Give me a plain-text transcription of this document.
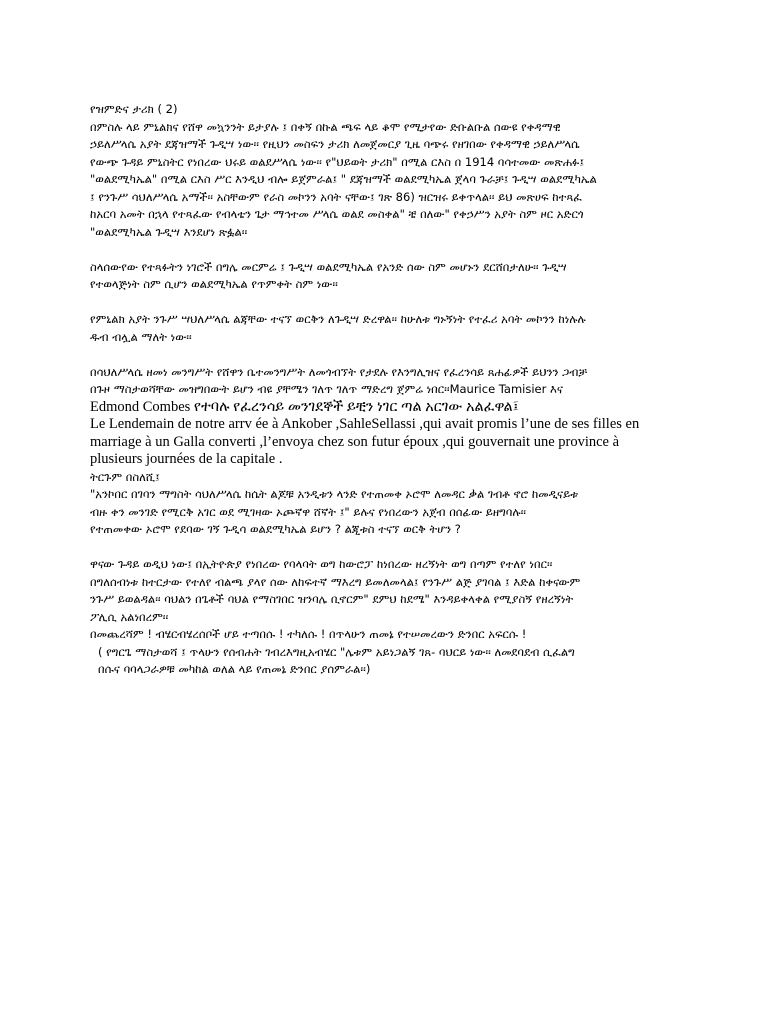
የዝምድና ታሪክ ( 2)

በምስሉ ላይ ምኒልክና የሸዋ መኳንንት ይታያሉ ፤ በቀኝ በኩል ጫፍ ላይ ቆሞ የሚታየው ድቡልቡል ሰውዩ የቀዳማዊ

ኃይለሥላሴ አያት ደጃዝማች ጉዲሣ ነው፡፡ የዚህን መስፍን ታሪክ ለመጀመርያ ጊዜ ባጭሩ የዘገበው የቀዳማዊ ኃይለሥላሴ

የውጭ ጉዳይ ምኒስትር የነበረው ህሩይ ወልደሥላሴ ነው፡፡ የ"ህይወት ታሪክ" በሚል ርእስ በ 1914 ባሳተመው መጽሐፉ፤

"ወልደሚካኤል" በሚል ርእስ ሥር እንዲህ ብሎ ይጀምራል፤ " ደጃዝማች ወልደሚካኤል ጀላባ ጉራቻ፤ ጉዲሣ ወልደሚካኤል

፤ የንጉሥ ሳህለሥላሴ አማች፡፡ አስቸውም የራስ መኮንን አባት ናቸው፤ ገጽ 86) ዝርዝሩ ይቀጥላል፡፡ ይህ መጽሀፍ ከተጻፈ

ከአርባ አመት በኋላ የተጻፈው የብላቴን ጌታ ማኅተመ ሥላሴ ወልደ መስቀል" ቼ በለው" የቀኃሥን አያት ስም ዞር አድርጎ

"ወልደሚካኤል ጉዲሣ እንደሆነ ጽፏል፡፡

ስላሰውየው የተጻፉትን ነገሮች በግሌ መርምሬ ፤ ጉዲሣ ወልደሚካኤል የአንድ ሰው ስም መሆኑን ደርሸበታለሁ፡፡ ጉዲሣ

የተወላጅነት ስም ሲሆን ወልደሚካኤል የጥምቀት ስም ነው፡፡

የምኒልክ አያት ንጉሥ ሣህለሥላሴ ልጃቸው ተናኘ ወርቅን ለጉዲሣ ድረዋል፡፡ ከሁለቱ ግኑኝነት የተፈሪ አባት መኮንን ከነሉሉ

ዱብ ብሏል ማለት ነው፡፡

በሳህለሥላሴ ዘመነ መንግሥት የሸዋን ቤተመንግሥት ለመጎብኘት የታደሉ የእንግሊዝና የፈረንሳይ ጸሐፊዎች ይህንን ጋብቻ

በጉዞ ማስታወሻቸው መዝግበውት ይሆን ብዩ ያቸሜን ገለጥ ገለጥ ማድረግ ጀምሬ ነበር፡፡Maurice Tamisier እና

Edmond Combes የተባሉ የፈረንሳይ መንገደኞች ይቺን ነገር ጣል አርገው አልፈዋል፤

Le Lendemain de notre arrv ée à Ankober ,SahleSellassi ,qui avait promis l’une de ses filles en

marriage à un Galla converti ,l’envoya chez son futur époux ,qui gouvernait une province à

plusieurs journées de la capitale .

ትርጉም በስለሺ፤

"አንኮበር በገባን ማግስት ሳህለሥላሴ ከሴት ልጆቹ አንዲቱን ላንድ የተጠመቀ ኦሮሞ ለመዳር ቃል ገብቶ ኖሮ ከመዲናይቱ

ብዙ ቀን መንገድ የሚርቅ አገር ወደ ሚገዛው ኦጮኛዋ ሸኛት ፤" ይሉና የነበረውን አጀብ በሰፊው ይዘግባሉ፡፡

የተጠመቀው ኦሮሞ የደባው ገኝ ጉዲሳ ወልደሚካኤል ይሆን ? ልጂቱስ ተናኘ ወርቅ ትሆን ?

ዋናው ጉዳይ ወዲህ ነው፤ በኢትዮጵያ የነበረው የባላባት ወግ ከውሮፓ ከነበረው ዘረኝነት ወግ በጣም የተለየ ነበር፡፡

በግለሰብነቱ ከተርታው የተለየ ብልጫ ያላየ ሰው ለከፍተኛ ማእረግ ይመለመላል፤ የንጉሥ ልጅ ያገባል ፤ እድል ከቀናውም

ንጉሥ ይወልዳል፡፡ ባህልን በጌቶች ባህል የማስገበር ዝንባሌ ቢኖርም" ደምህ ከደሜ" እንዳይቀላቀል የሚያስኝ የዘረኝነት

ፖሊሲ አልነበረም፡፡

በመጨረሻም ! ብሄርብሄረሰቦች ሆይ ተጣበሱ ! ተካለሱ ! በጥላሁን ጠመኔ የተሠመረውን ድንበር አፍርሱ !

( የግርጌ ማስታወሻ ፤ ጥላሁን የሰብሐት ገብረእግዚአብሄር "ሌቱም አይነጋልኝ ገጸ- ባህርይ ነው፡፡ ለመደባደብ ሲፈልግ

በሱና ባባላጋራዎቹ መካከል ወለል ላይ የጠመኔ ድንበር ያሰምራል፡፡)
